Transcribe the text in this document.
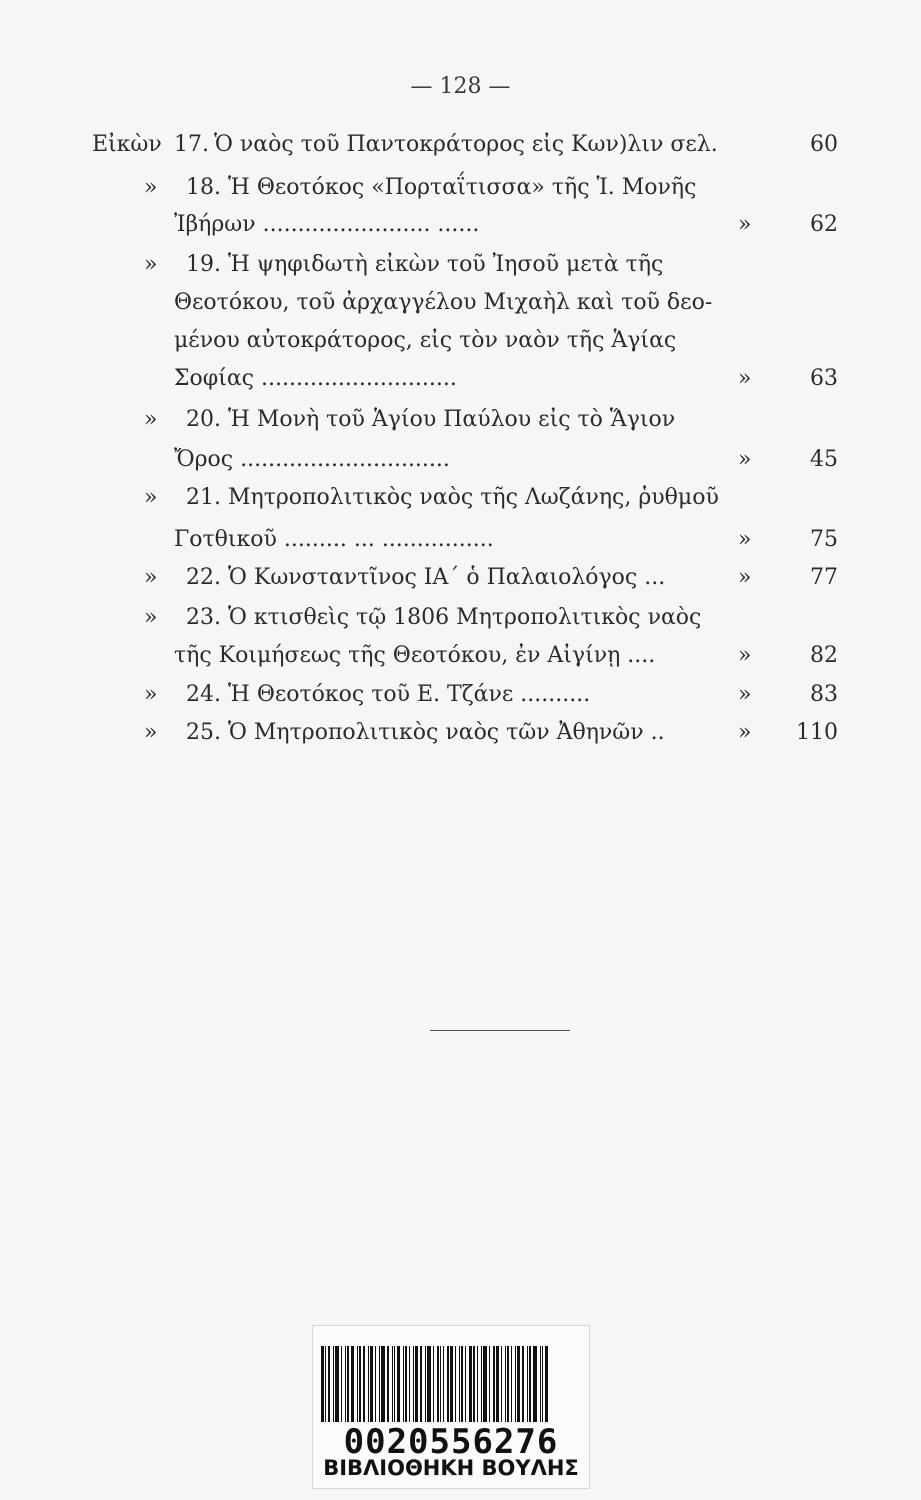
— 128 —
Εἰκὼν 17. Ὁ ναὸς τοῦ Παντοκράτορος εἰς Κων)λιν σελ.	60
» 18. Ἡ Θεοτόκος «Πορταΐτισσα» τῆς Ἱ. Μονῆς
Ἰβήρων ........................ ......	»	62
» 19. Ἡ ψηφιδωτὴ εἰκὼν τοῦ Ἰησοῦ μετὰ τῆς
Θεοτόκου, τοῦ ἀρχαγγέλου Μιχαὴλ καὶ τοῦ δεο-
μένου αὐτοκράτορος, εἰς τὸν ναὸν τῆς Ἁγίας
Σοφίας ............................	»	63
» 20. Ἡ Μονὴ τοῦ Ἁγίου Παύλου εἰς τὸ Ἅγιον
Ὄρος ..............................	»	45
» 21. Μητροπολιτικὸς ναὸς τῆς Λωζάνης, ῥυθμοῦ
Γοτθικοῦ ......... ... ................	»	75
» 22. Ὁ Κωνσταντῖνος ΙΑ΄ ὁ Παλαιολόγος ...	»	77
» 23. Ὁ κτισθεὶς τῷ 1806 Μητροπολιτικὸς ναὸς
τῆς Κοιμήσεως τῆς Θεοτόκου, ἐν Αἰγίνῃ ....	»	82
» 24. Ἡ Θεοτόκος τοῦ Ε. Τζάνε ..........	»	83
» 25. Ὁ Μητροπολιτικὸς ναὸς τῶν Ἀθηνῶν ..	»	110
0020556276
ΒΙΒΛΙΟΘΗΚΗ ΒΟΥΛΗΣ
